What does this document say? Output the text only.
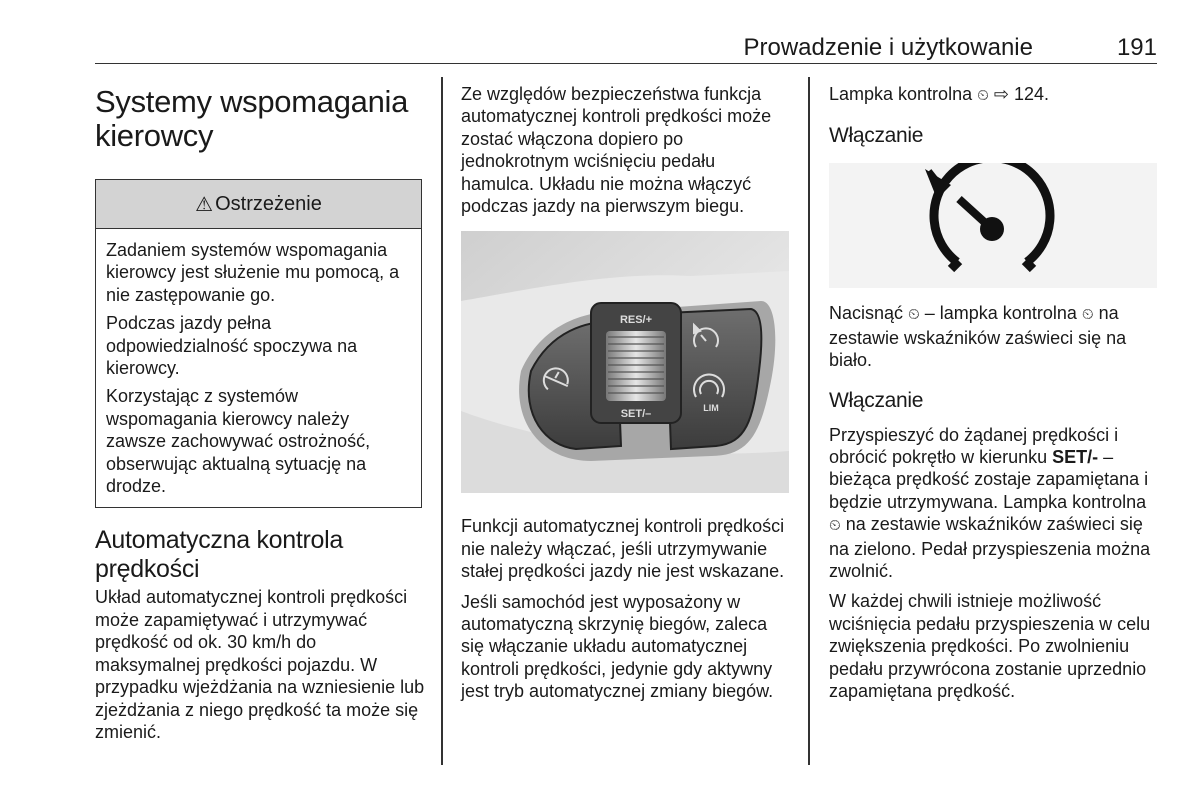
Prowadzenie i użytkowanie	191
Systemy wspomagania kierowcy
⚠ Ostrzeżenie

Zadaniem systemów wspomagania kierowcy jest służenie mu pomocą, a nie zastępowanie go.

Podczas jazdy pełna odpowiedzialność spoczywa na kierowcy.

Korzystając z systemów wspomagania kierowcy należy zawsze zachowywać ostrożność, obserwując aktualną sytuację na drodze.

Automatyczna kontrola prędkości

Układ automatycznej kontroli prędkości może zapamiętywać i utrzymywać prędkość od ok. 30 km/h do maksymalnej prędkości pojazdu. W przypadku wjeżdżania na wzniesienie lub zjeżdżania z niego prędkość ta może się zmienić.

Ze względów bezpieczeństwa funkcja automatycznej kontroli prędkości może zostać włączona dopiero po jednokrotnym wciśnięciu pedału hamulca. Układu nie można włączyć podczas jazdy na pierwszym biegu.

RES/+
SET/–	LIM

Funkcji automatycznej kontroli prędkości nie należy włączać, jeśli utrzymywanie stałej prędkości jazdy nie jest wskazane.

Jeśli samochód jest wyposażony w automatyczną skrzynię biegów, zaleca się włączanie układu automatycznej kontroli prędkości, jedynie gdy aktywny jest tryb automatycznej zmiany biegów.

Lampka kontrolna ⏲ ⇨ 124.

Włączanie

Nacisnąć ⏲ – lampka kontrolna ⏲ na zestawie wskaźników zaświeci się na biało.

Włączanie

Przyspieszyć do żądanej prędkości i obrócić pokrętło w kierunku SET/- – bieżąca prędkość zostaje zapamiętana i będzie utrzymywana. Lampka kontrolna ⏲ na zestawie wskaźników zaświeci się na zielono. Pedał przyspieszenia można zwolnić.

W każdej chwili istnieje możliwość wciśnięcia pedału przyspieszenia w celu zwiększenia prędkości. Po zwolnieniu pedału przywrócona zostanie uprzednio zapamiętana prędkość.
